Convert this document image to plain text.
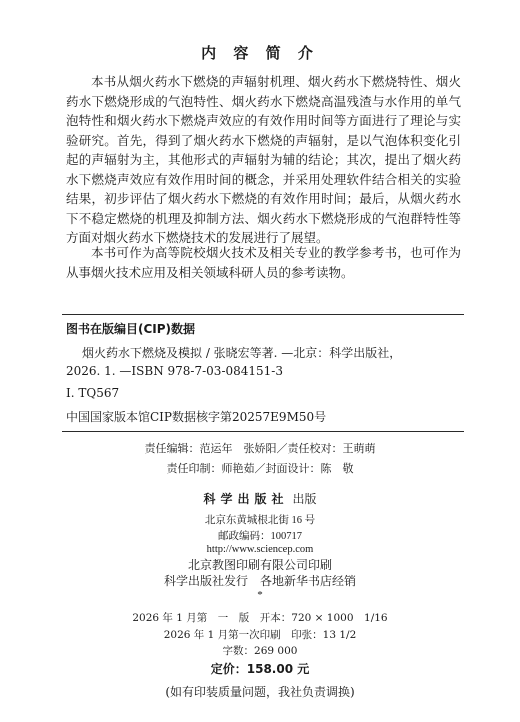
内 容 简 介

本书从烟火药水下燃烧的声辐射机理、烟火药水下燃烧特性、烟火药水下燃烧形成的气泡特性、烟火药水下燃烧高温残渣与水作用的单气泡特性和烟火药水下燃烧声效应的有效作用时间等方面进行了理论与实验研究。首先，得到了烟火药水下燃烧的声辐射，是以气泡体积变化引起的声辐射为主，其他形式的声辐射为辅的结论；其次，提出了烟火药水下燃烧声效应有效作用时间的概念，并采用处理软件结合相关的实验结果，初步评估了烟火药水下燃烧的有效作用时间；最后，从烟火药水下不稳定燃烧的机理及抑制方法、烟火药水下燃烧形成的气泡群特性等方面对烟火药水下燃烧技术的发展进行了展望。

本书可作为高等院校烟火技术及相关专业的教学参考书，也可作为从事烟火技术应用及相关领域科研人员的参考读物。

图书在版编目(CIP)数据
烟火药水下燃烧及模拟 / 张晓宏等著. —北京：科学出版社，
2026. 1. —ISBN 978-7-03-084151-3
Ⅰ. TQ567
中国国家版本馆CIP数据核字第20257E9M50号
责任编辑：范运年　张娇阳／责任校对：王萌萌
责任印制：师艳茹／封面设计：陈　敬
科学出版社 出版
北京东黄城根北街 16 号
邮政编码：100717
http://www.sciencep.com
北京教图印刷有限公司印刷
科学出版社发行　各地新华书店经销
*
2026 年 1 月第　一　版　开本：720 × 1000　1/16
2026 年 1 月第一次印刷　印张：13 1/2
字数：269 000
定价：158.00 元
(如有印装质量问题，我社负责调换)
